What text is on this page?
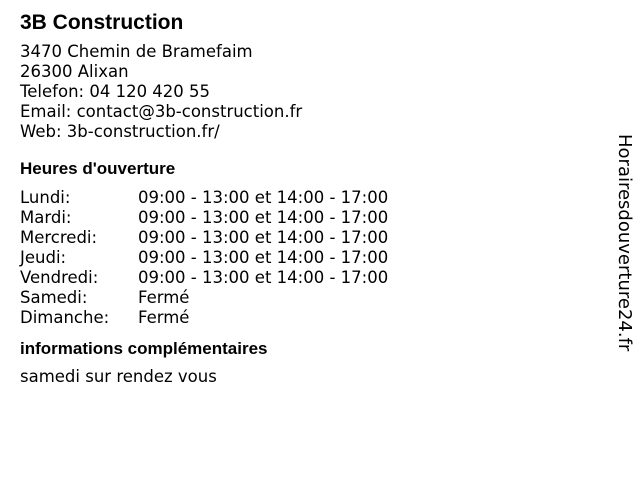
3B Construction
3470 Chemin de Bramefaim
26300 Alixan
Telefon: 04 120 420 55
Email: contact@3b-construction.fr
Web: 3b-construction.fr/
Heures d'ouverture
Lundi:	09:00 - 13:00 et 14:00 - 17:00
Mardi:	09:00 - 13:00 et 14:00 - 17:00
Mercredi:	09:00 - 13:00 et 14:00 - 17:00
Jeudi:	09:00 - 13:00 et 14:00 - 17:00
Vendredi:	09:00 - 13:00 et 14:00 - 17:00
Samedi:	Fermé
Dimanche:	Fermé
informations complémentaires
samedi sur rendez vous
Horairesdouverture24.fr
